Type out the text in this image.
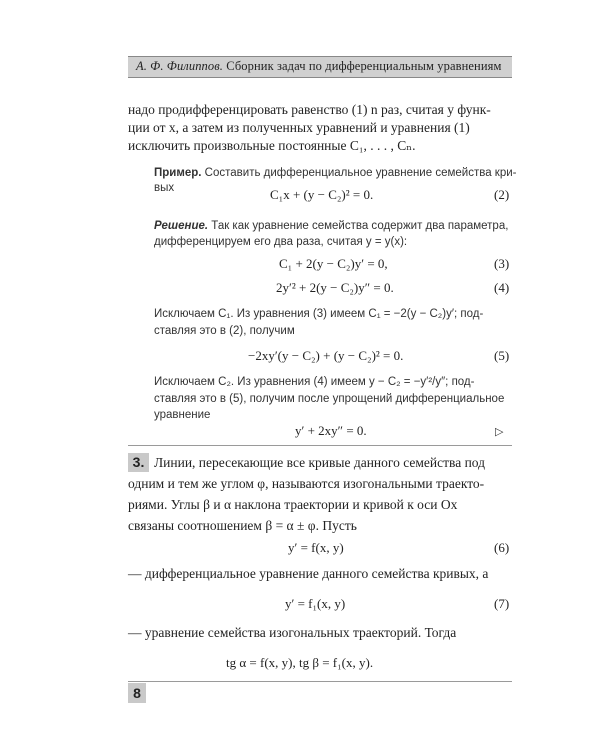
А. Ф. Филиппов. Сборник задач по дифференциальным уравнениям
надо продифференцировать равенство (1) n раз, считая y функ-
ции от x, а затем из полученных уравнений и уравнения (1)
исключить произвольные постоянные C₁, . . . , Cₙ.
Пример. Составить дифференциальное уравнение семейства кри-
вых	C₁x + (y − C₂)² = 0.	(2)
Решение. Так как уравнение семейства содержит два параметра,
дифференцируем его два раза, считая y = y(x):
C₁ + 2(y − C₂)y′ = 0,	(3)
2y′² + 2(y − C₂)y″ = 0.	(4)
Исключаем C₁. Из уравнения (3) имеем C₁ = −2(y − C₂)y′; под-
ставляя это в (2), получим
−2xy′(y − C₂) + (y − C₂)² = 0.	(5)
Исключаем C₂. Из уравнения (4) имеем y − C₂ = −y′²/y″; под-
ставляя это в (5), получим после упрощений дифференциальное
уравнение
y′ + 2xy″ = 0.	▷
3. Линии, пересекающие все кривые данного семейства под
одним и тем же углом φ, называются изогональными траекто-
риями. Углы β и α наклона траектории и кривой к оси Ox
связаны соотношением β = α ± φ. Пусть
y′ = f(x, y)	(6)
— дифференциальное уравнение данного семейства кривых, а
y′ = f₁(x, y)	(7)
— уравнение семейства изогональных траекторий. Тогда
tg α = f(x, y), tg β = f₁(x, y).
8
